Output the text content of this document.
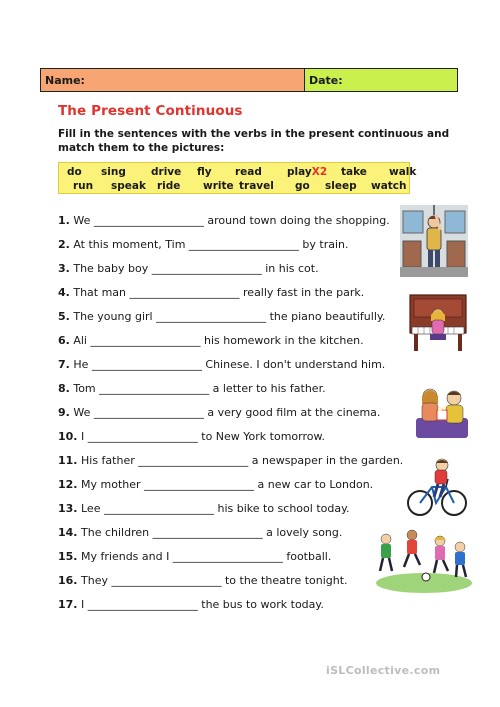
Name:	Date:
The Present Continuous
Fill in the sentences with the verbs in the present continuous and match them to the pictures:
do sing drive fly read playX2 take walk
run speak ride write travel go sleep watch
1. We ____________________ around town doing the shopping.
2. At this moment, Tim ____________________ by train.
3. The baby boy ____________________ in his cot.
4. That man ____________________ really fast in the park.
5. The young girl ____________________ the piano beautifully.
6. Ali ____________________ his homework in the kitchen.
7. He ____________________ Chinese. I don't understand him.
8. Tom ____________________ a letter to his father.
9. We ____________________ a very good film at the cinema.
10. I ____________________ to New York tomorrow.
11. His father ____________________ a newspaper in the garden.
12. My mother ____________________ a new car to London.
13. Lee ____________________ his bike to school today.
14. The children ____________________ a lovely song.
15. My friends and I ____________________ football.
16. They ____________________ to the theatre tonight.
17. I ____________________ the bus to work today.
iSLCollective.com
